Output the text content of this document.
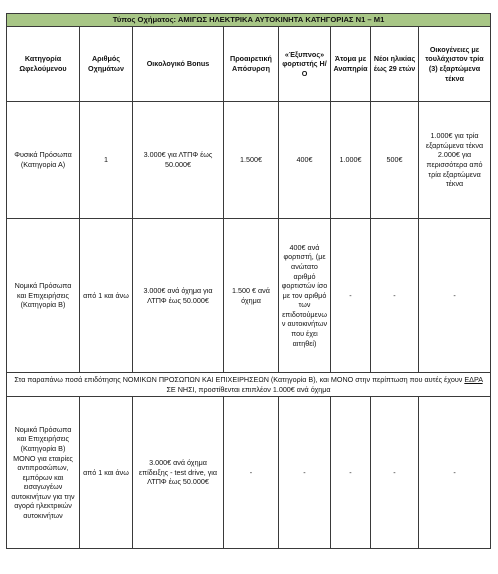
Τύπος Οχήματος: ΑΜΙΓΩΣ ΗΛΕΚΤΡΙΚΑ ΑΥΤΟΚΙΝΗΤΑ ΚΑΤΗΓΟΡΙΑΣ Ν1 – Μ1							
Κατηγορία Ωφελούμενου	Αριθμός Οχημάτων	Οικολογικό Bonus	Προαιρετική Απόσυρση	«Έξυπνος» φορτιστής Η/Ο	Άτομα με Αναπηρία	Νέοι ηλικίας έως 29 ετών	Οικογένειες με τουλάχιστον τρία (3) εξαρτώμενα τέκνα
Φυσικά Πρόσωπα (Κατηγορία Α)	1	3.000€ για ΛΤΠΦ έως 50.000€	1.500€	400€	1.000€	500€	1.000€ για τρία εξαρτώμενα τέκνα
2.000€ για περισσότερα από τρία εξαρτώμενα τέκνα

Νομικά Πρόσωπα και Επιχειρήσεις (Κατηγορία Β)	από 1 και άνω	3.000€ ανά όχημα για ΛΤΠΦ έως 50.000€	1.500 € ανά όχημα	400€ ανά φορτιστή, (με ανώτατο αριθμό φορτιστών ίσο με τον αριθμό των επιδοτούμενων αυτοκινήτων που έχει αιτηθεί)	-	-	-
Στα παραπάνω ποσά επιδότησης ΝΟΜΙΚΩΝ ΠΡΟΣΩΠΩΝ ΚΑΙ ΕΠΙΧΕΙΡΗΣΕΩΝ (Κατηγορία Β), και ΜΟΝΟ στην περίπτωση που αυτές έχουν ΕΔΡΑ ΣΕ ΝΗΣΙ, προστίθενται επιπλέον 1.000€ ανά όχημα							
Νομικά Πρόσωπα και Επιχειρήσεις (Κατηγορία Β) ΜΟΝΟ για εταιρίες αντιπροσώπων, εμπόρων και εισαγωγέων αυτοκινήτων για την αγορά ηλεκτρικών αυτοκινήτων	από 1 και άνω	3.000€ ανά όχημα επίδειξης - test drive, για ΛΤΠΦ έως 50.000€	-	-	-	-	-
